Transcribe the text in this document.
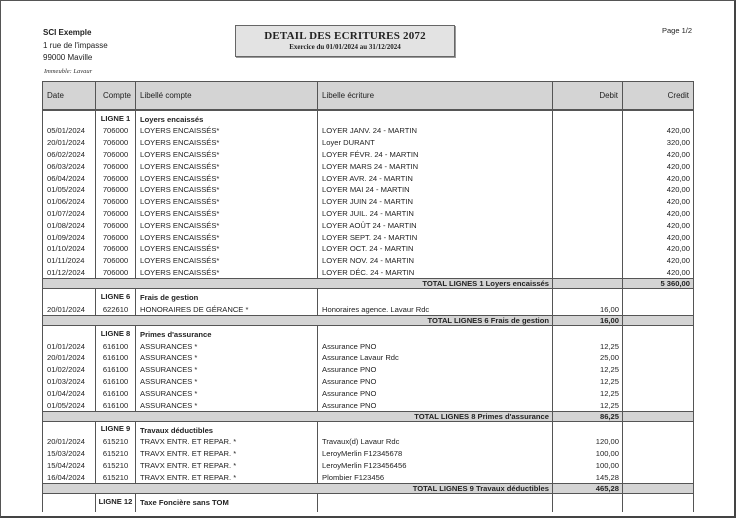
SCI Exemple
1 rue de l'impasse
99000 Maville
Immeuble: Lavaur
DETAIL DES ECRITURES 2072
Exercice du 01/01/2024 au 31/12/2024
Page 1/2
Date	Compte	Libellé compte	Libelle écriture	Debit	Credit
	LIGNE 1	Loyers encaissés			
05/01/2024	706000	LOYERS ENCAISSÉS*	LOYER JANV. 24 - MARTIN		420,00
20/01/2024	706000	LOYERS ENCAISSÉS*	Loyer DURANT		320,00
06/02/2024	706000	LOYERS ENCAISSÉS*	LOYER FÉVR. 24 - MARTIN		420,00
06/03/2024	706000	LOYERS ENCAISSÉS*	LOYER MARS 24 - MARTIN		420,00
06/04/2024	706000	LOYERS ENCAISSÉS*	LOYER AVR. 24 - MARTIN		420,00
01/05/2024	706000	LOYERS ENCAISSÉS*	LOYER MAI 24 - MARTIN		420,00
01/06/2024	706000	LOYERS ENCAISSÉS*	LOYER JUIN 24 - MARTIN		420,00
01/07/2024	706000	LOYERS ENCAISSÉS*	LOYER JUIL. 24 - MARTIN		420,00
01/08/2024	706000	LOYERS ENCAISSÉS*	LOYER AOÛT 24 - MARTIN		420,00
01/09/2024	706000	LOYERS ENCAISSÉS*	LOYER SEPT. 24 - MARTIN		420,00
01/10/2024	706000	LOYERS ENCAISSÉS*	LOYER OCT. 24 - MARTIN		420,00
01/11/2024	706000	LOYERS ENCAISSÉS*	LOYER NOV. 24 - MARTIN		420,00
01/12/2024	706000	LOYERS ENCAISSÉS*	LOYER DÉC. 24 - MARTIN		420,00
	TOTAL LIGNES 1 Loyers encaissés				5 360,00
	LIGNE 6	Frais de gestion			
20/01/2024	622610	HONORAIRES DE GÉRANCE *	Honoraires agence. Lavaur Rdc	16,00	
	TOTAL LIGNES 6 Frais de gestion			16,00	
	LIGNE 8	Primes d'assurance			
01/01/2024	616100	ASSURANCES *	Assurance PNO	12,25	
20/01/2024	616100	ASSURANCES *	Assurance Lavaur Rdc	25,00	
01/02/2024	616100	ASSURANCES *	Assurance PNO	12,25	
01/03/2024	616100	ASSURANCES *	Assurance PNO	12,25	
01/04/2024	616100	ASSURANCES *	Assurance PNO	12,25	
01/05/2024	616100	ASSURANCES *	Assurance PNO	12,25	
	TOTAL LIGNES 8 Primes d'assurance			86,25	
	LIGNE 9	Travaux déductibles			
20/01/2024	615210	TRAVX ENTR. ET REPAR. *	Travaux(d) Lavaur Rdc	120,00	
15/03/2024	615210	TRAVX ENTR. ET REPAR. *	LeroyMerlin F12345678	100,00	
15/04/2024	615210	TRAVX ENTR. ET REPAR. *	LeroyMerlin F123456456	100,00	
16/04/2024	615210	TRAVX ENTR. ET REPAR. *	Plombier F123456	145,28	
	TOTAL LIGNES 9 Travaux déductibles			465,28	
	LIGNE 12	Taxe Foncière sans TOM			
